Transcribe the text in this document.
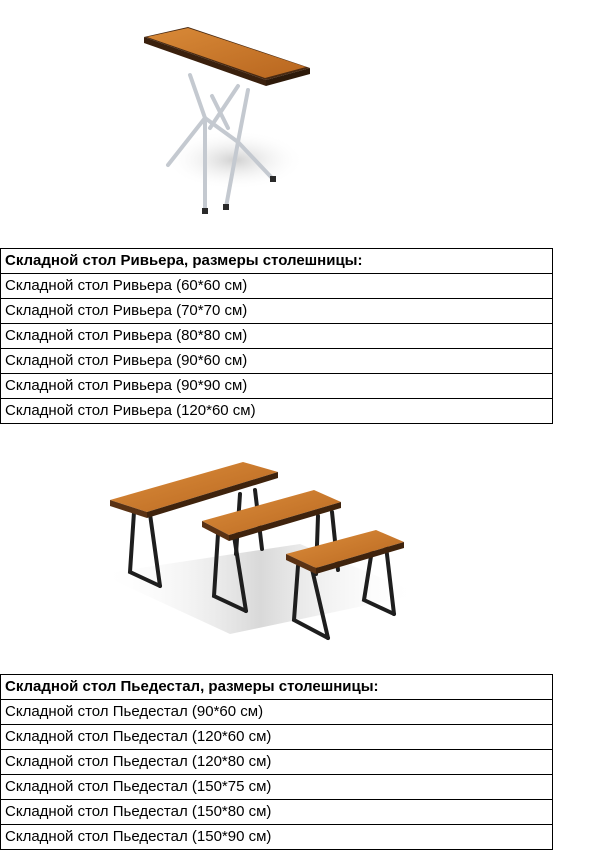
Складной стол Ривьера, размеры столешницы:
Складной стол Ривьера (60*60 см)
Складной стол Ривьера (70*70 см)
Складной стол Ривьера (80*80 см)
Складной стол Ривьера (90*60 см)
Складной стол Ривьера (90*90 см)
Складной стол Ривьера (120*60 см)
Складной стол Пьедестал, размеры столешницы:
Складной стол Пьедестал (90*60 см)
Складной стол Пьедестал (120*60 см)
Складной стол Пьедестал (120*80 см)
Складной стол Пьедестал (150*75 см)
Складной стол Пьедестал (150*80 см)
Складной стол Пьедестал (150*90 см)
